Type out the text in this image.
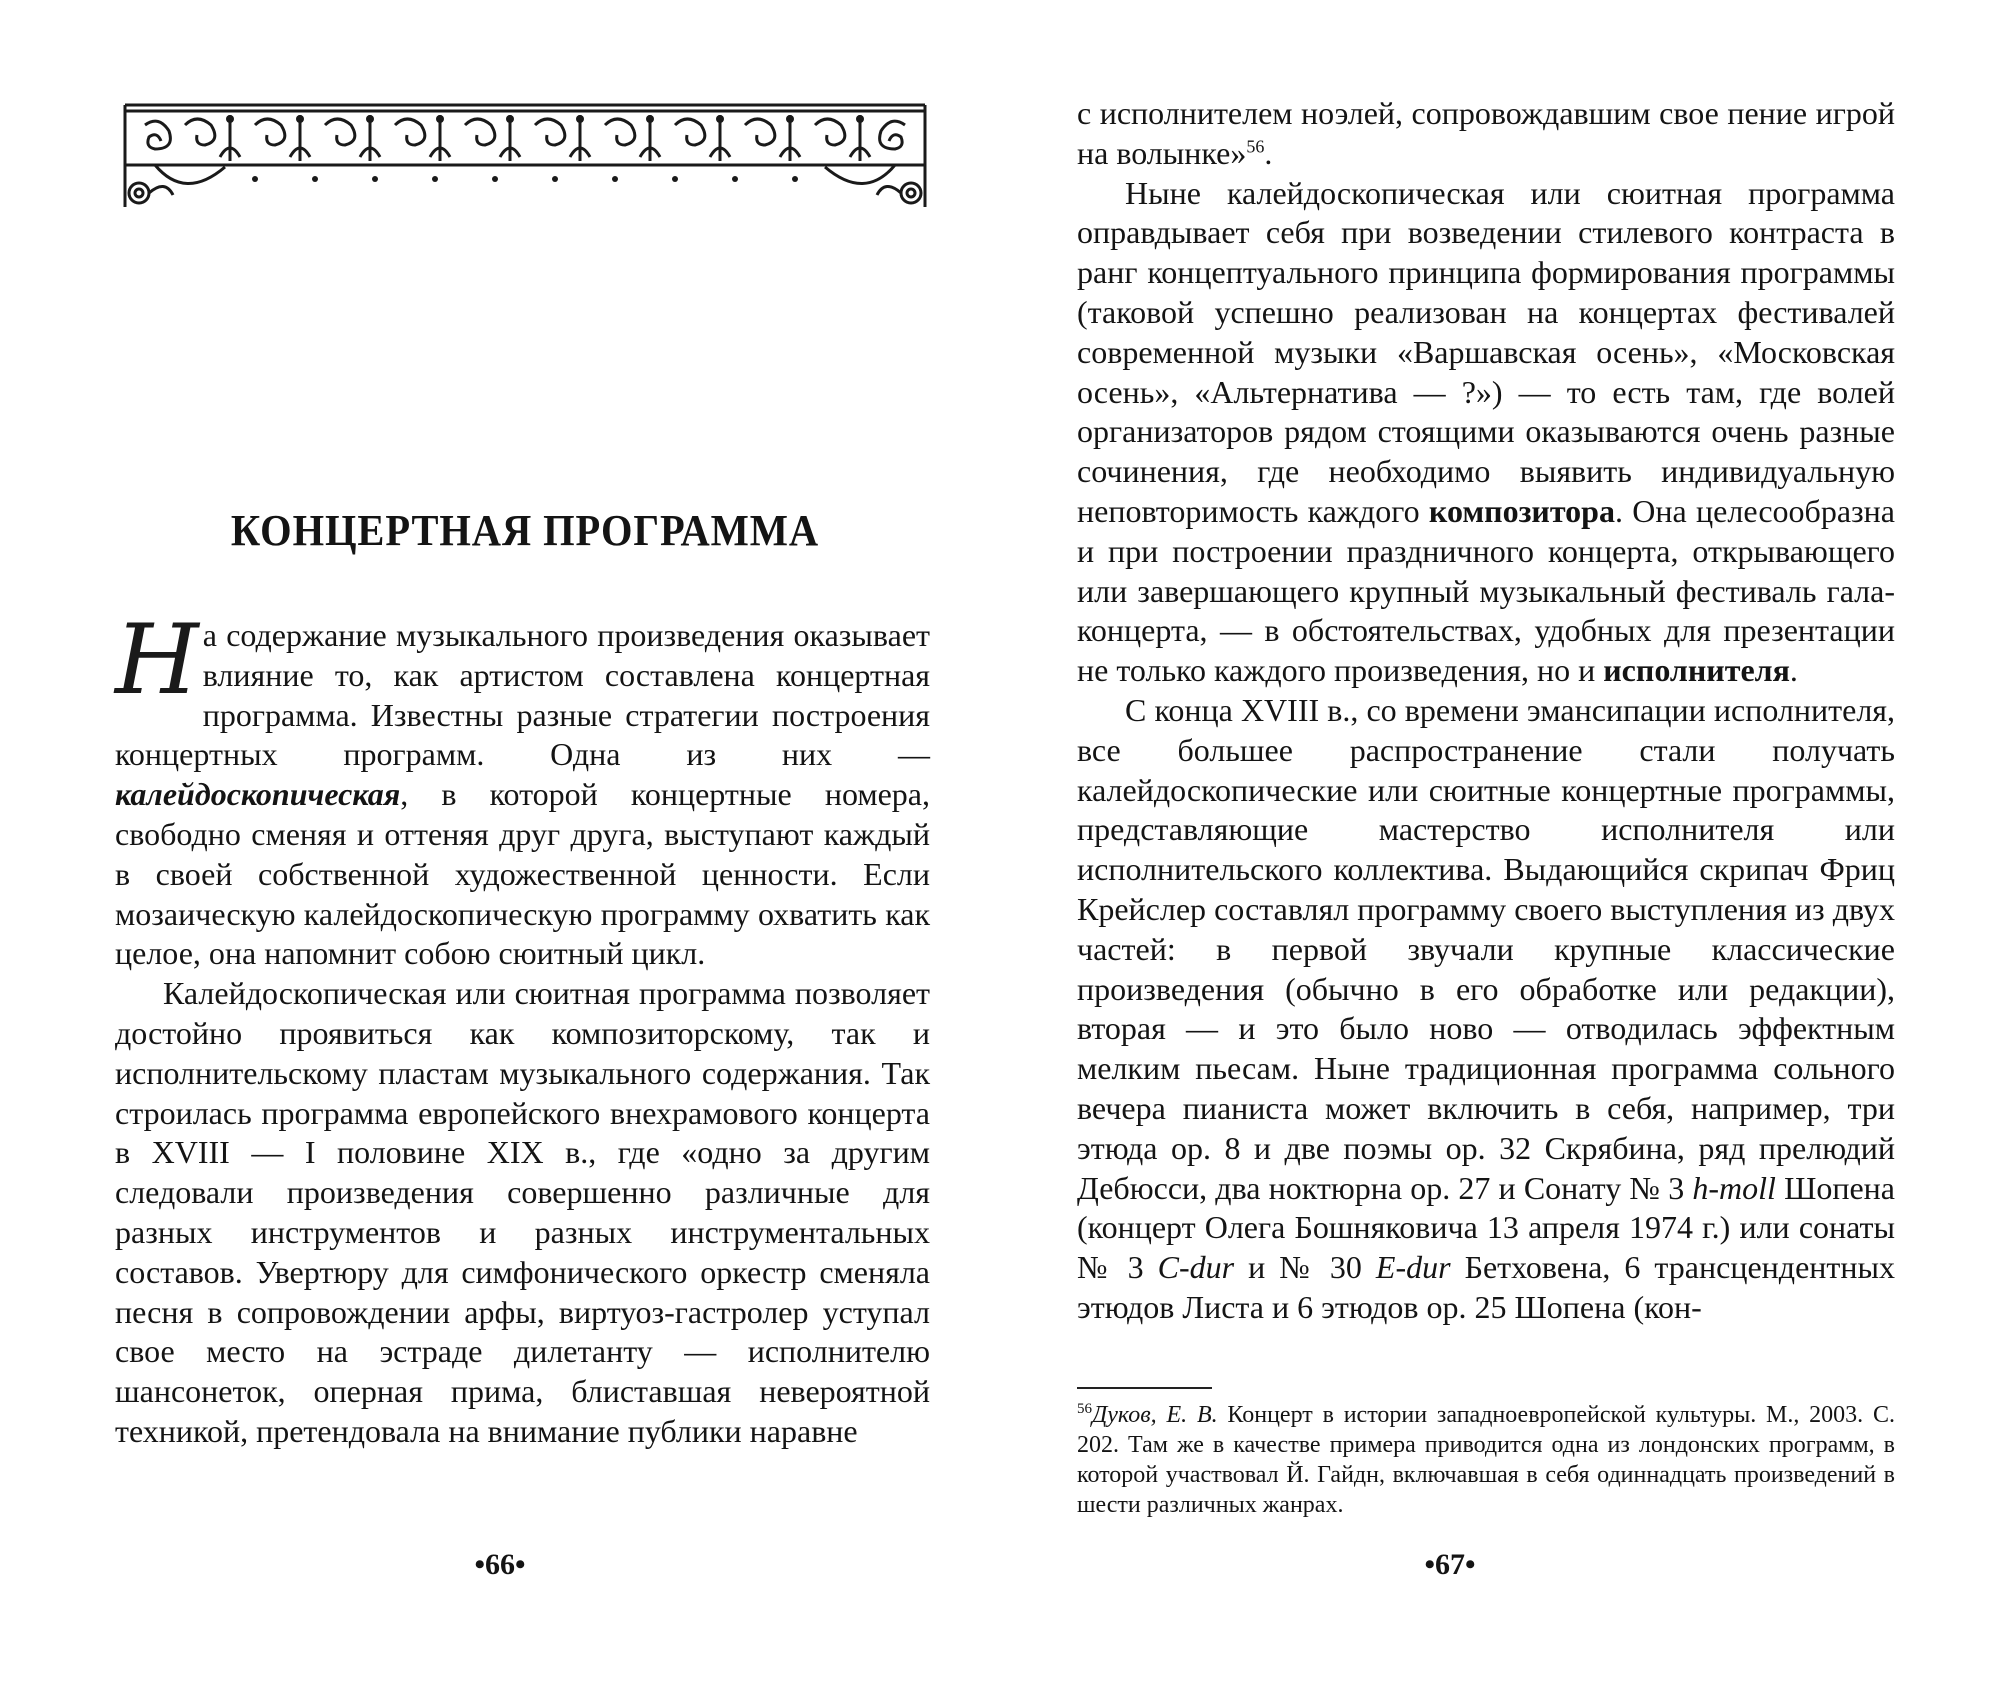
КОНЦЕРТНАЯ ПРОГРАММА

На содержание музыкального произведения оказывает влияние то, как артистом составлена концертная программа. Известны разные стратегии построения концертных программ. Одна из них — калейдоскопическая, в которой концертные номера, свободно сменяя и оттеняя друг друга, выступают каждый в своей собственной художественной ценности. Если мозаическую калейдоскопическую программу охватить как целое, она напомнит собою сюитный цикл.

Калейдоскопическая или сюитная программа позволяет достойно проявиться как композиторскому, так и исполнительскому пластам музыкального содержания. Так строилась программа европейского внехрамового концерта в XVIII — I половине XIX в., где «одно за другим следовали произведения совершенно различные для разных инструментов и разных инструментальных составов. Увертюру для симфонического оркестр сменяла песня в сопровождении арфы, виртуоз-гастролер уступал свое место на эстраде дилетанту — исполнителю шансонеток, оперная прима, блиставшая невероятной техникой, претендовала на внимание публики наравне

•66•

с исполнителем ноэлей, сопровождавшим свое пение игрой на волынке»$^{56}$.

Ныне калейдоскопическая или сюитная программа оправдывает себя при возведении стилевого контраста в ранг концептуального принципа формирования программы (таковой успешно реализован на концертах фестивалей современной музыки «Варшавская осень», «Московская осень», «Альтернатива — ?») — то есть там, где волей организаторов рядом стоящими оказываются очень разные сочинения, где необходимо выявить индивидуальную неповторимость каждого композитора. Она целесообразна и при построении праздничного концерта, открывающего или завершающего крупный музыкальный фестиваль гала-концерта, — в обстоятельствах, удобных для презентации не только каждого произведения, но и исполнителя.

С конца XVIII в., со времени эмансипации исполнителя, все большее распространение стали получать калейдоскопические или сюитные концертные программы, представляющие мастерство исполнителя или исполнительского коллектива. Выдающийся скрипач Фриц Крейслер составлял программу своего выступления из двух частей: в первой звучали крупные классические произведения (обычно в его обработке или редакции), вторая — и это было ново — отводилась эффектным мелким пьесам. Ныне традиционная программа сольного вечера пианиста может включить в себя, например, три этюда ор. 8 и две поэмы ор. 32 Скрябина, ряд прелюдий Дебюсси, два ноктюрна ор. 27 и Сонату № 3 h-moll Шопена (концерт Олега Бошняковича 13 апреля 1974 г.) или сонаты № 3 C-dur и № 30 E-dur Бетховена, 6 трансцендентных этюдов Листа и 6 этюдов ор. 25 Шопена (кон-

$^{56}$Дуков, Е. В. Концерт в истории западноевропейской культуры. М., 2003. С. 202. Там же в качестве примера приводится одна из лондонских программ, в которой участвовал Й. Гайдн, включавшая в себя одиннадцать произведений в шести различных жанрах.
•67•
